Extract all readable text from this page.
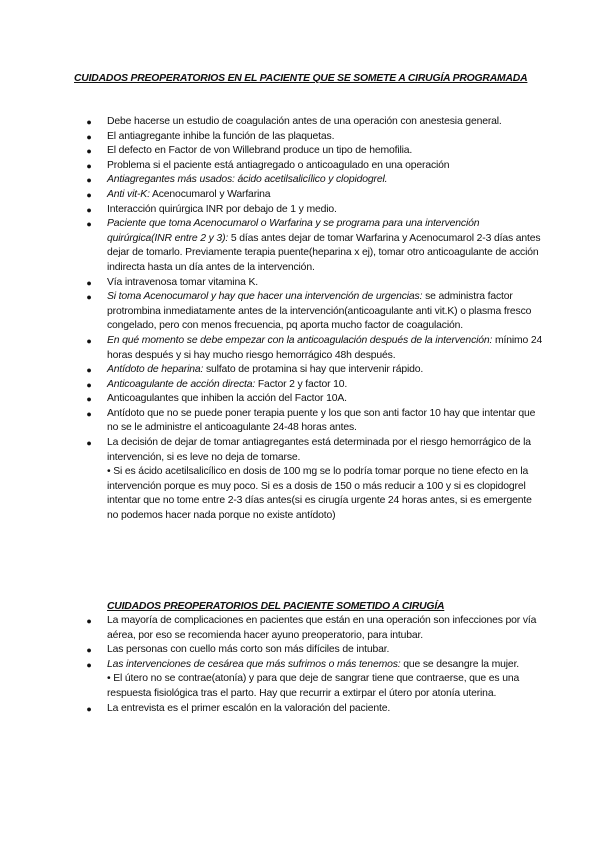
CUIDADOS PREOPERATORIOS EN EL PACIENTE QUE SE SOMETE A CIRUGÍA PROGRAMADA
● Debe hacerse un estudio de coagulación antes de una operación con anestesia general.
● El antiagregante inhibe la función de las plaquetas.
● El defecto en Factor de von Willebrand produce un tipo de hemofilia.
● Problema si el paciente está antiagregado o anticoagulado en una operación
● Antiagregantes más usados: ácido acetilsalicílico y clopidogrel.
● Anti vit-K: Acenocumarol y Warfarina
● Interacción quirúrgica INR por debajo de 1 y medio.
● Paciente que toma Acenocumarol o Warfarina y se programa para una intervención quirúrgica(INR entre 2 y 3): 5 días antes dejar de tomar Warfarina y Acenocumarol 2-3 días antes dejar de tomarlo. Previamente terapia puente(heparina x ej), tomar otro anticoagulante de acción indirecta hasta un día antes de la intervención.
● Vía intravenosa tomar vitamina K.
● Si toma Acenocumarol y hay que hacer una intervención de urgencias: se administra factor protrombina inmediatamente antes de la intervención(anticoagulante anti vit.K) o plasma fresco congelado, pero con menos frecuencia, pq aporta mucho factor de coagulación.
● En qué momento se debe empezar con la anticoagulación después de la intervención: mínimo 24 horas después y si hay mucho riesgo hemorrágico 48h después.
● Antídoto de heparina: sulfato de protamina si hay que intervenir rápido.
● Anticoagulante de acción directa: Factor 2 y factor 10.
● Anticoagulantes que inhiben la acción del Factor 10A.
● Antídoto que no se puede poner terapia puente y los que son anti factor 10 hay que intentar que no se le administre el anticoagulante 24-48 horas antes.
● La decisión de dejar de tomar antiagregantes está determinada por el riesgo hemorrágico de la intervención, si es leve no deja de tomarse.
• Si es ácido acetilsalicílico en dosis de 100 mg se lo podría tomar porque no tiene efecto en la intervención porque es muy poco. Si es a dosis de 150 o más reducir a 100 y si es clopidogrel intentar que no tome entre 2-3 días antes(si es cirugía urgente 24 horas antes, si es emergente no podemos hacer nada porque no existe antídoto)
CUIDADOS PREOPERATORIOS DEL PACIENTE SOMETIDO A CIRUGÍA
● La mayoría de complicaciones en pacientes que están en una operación son infecciones por vía aérea, por eso se recomienda hacer ayuno preoperatorio, para intubar.
● Las personas con cuello más corto son más difíciles de intubar.
● Las intervenciones de cesárea que más sufrimos o más tenemos: que se desangre la mujer.
• El útero no se contrae(atonía) y para que deje de sangrar tiene que contraerse, que es una respuesta fisiológica tras el parto. Hay que recurrir a extirpar el útero por atonía uterina.
● La entrevista es el primer escalón en la valoración del paciente.
